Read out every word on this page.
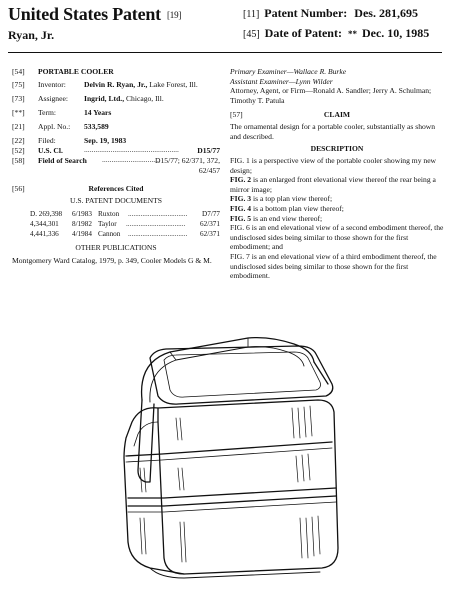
United States Patent [19]
Ryan, Jr.
[11] Patent Number: Des. 281,695
[45] Date of Patent: ** Dec. 10, 1985
[54]	PORTABLE COOLER
[75]	Inventor:	Delvin R. Ryan, Jr., Lake Forest, Ill.
[73]	Assignee:	Ingrid, Ltd., Chicago, Ill.
[**]	Term:	14 Years
[21]	Appl. No.:	533,589
[22]	Filed:	Sep. 19, 1983
[52]	U.S. Cl.	..................................................	D15/77
[58]	Field of Search ..............................
D15/77; 62/371, 372,
62/457
[56]	References Cited
U.S. PATENT DOCUMENTS
D. 269,398 6/1983 Ruxton .................................	D7/77
4,344,301 8/1982 Taylor .................................	62/371
4,441,336 4/1984 Cannon .................................	62/371
OTHER PUBLICATIONS
Montgomery Ward Catalog, 1979, p. 349, Cooler Models G & M.
Primary Examiner—Wallace R. Burke
Assistant Examiner—Lynn Wilder
Attorney, Agent, or Firm—Ronald A. Sandler; Jerry A. Schulman; Timothy T. Patula
[57]	CLAIM
The ornamental design for a portable cooler, substantially as shown and described.
DESCRIPTION

FIG. 1 is a perspective view of the portable cooler showing my new design;

FIG. 2 is an enlarged front elevational view thereof the rear being a mirror image;

FIG. 3 is a top plan view thereof;

FIG. 4 is a bottom plan view thereof;

FIG. 5 is an end view thereof;

FIG. 6 is an end elevational view of a second embodiment thereof, the undisclosed sides being similar to those shown for the first embodiment; and

FIG. 7 is an end elevational view of a third embodiment thereof, the undisclosed sides being similar to those shown for the first embodiment.
